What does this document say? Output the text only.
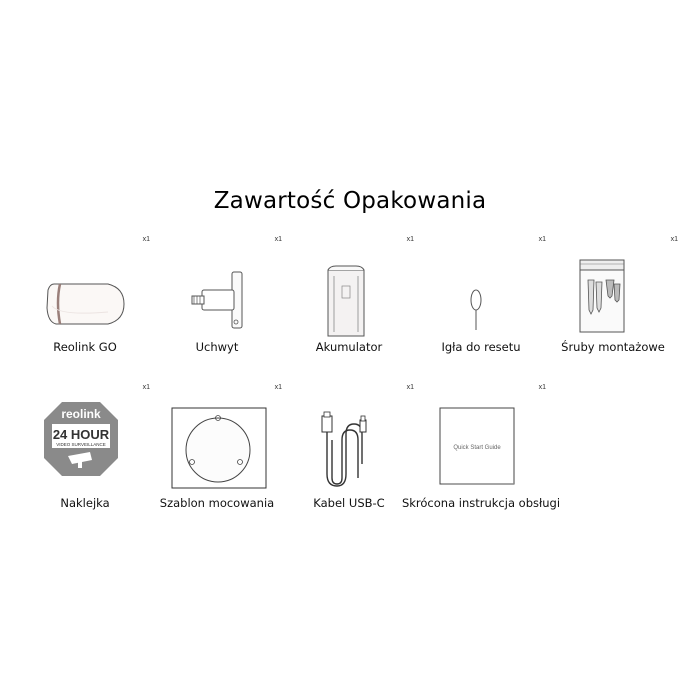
Zawartość Opakowania
x1
Reolink GO
x1
Uchwyt
x1
Akumulator
x1
Igła do resetu
x1
Śruby montażowe
x1
reolink
24 HOUR
VIDEO SURVEILLANCE
Naklejka
x1
Szablon mocowania
x1
Kabel USB-C
x1
Quick Start Guide
Skrócona instrukcja obsługi
